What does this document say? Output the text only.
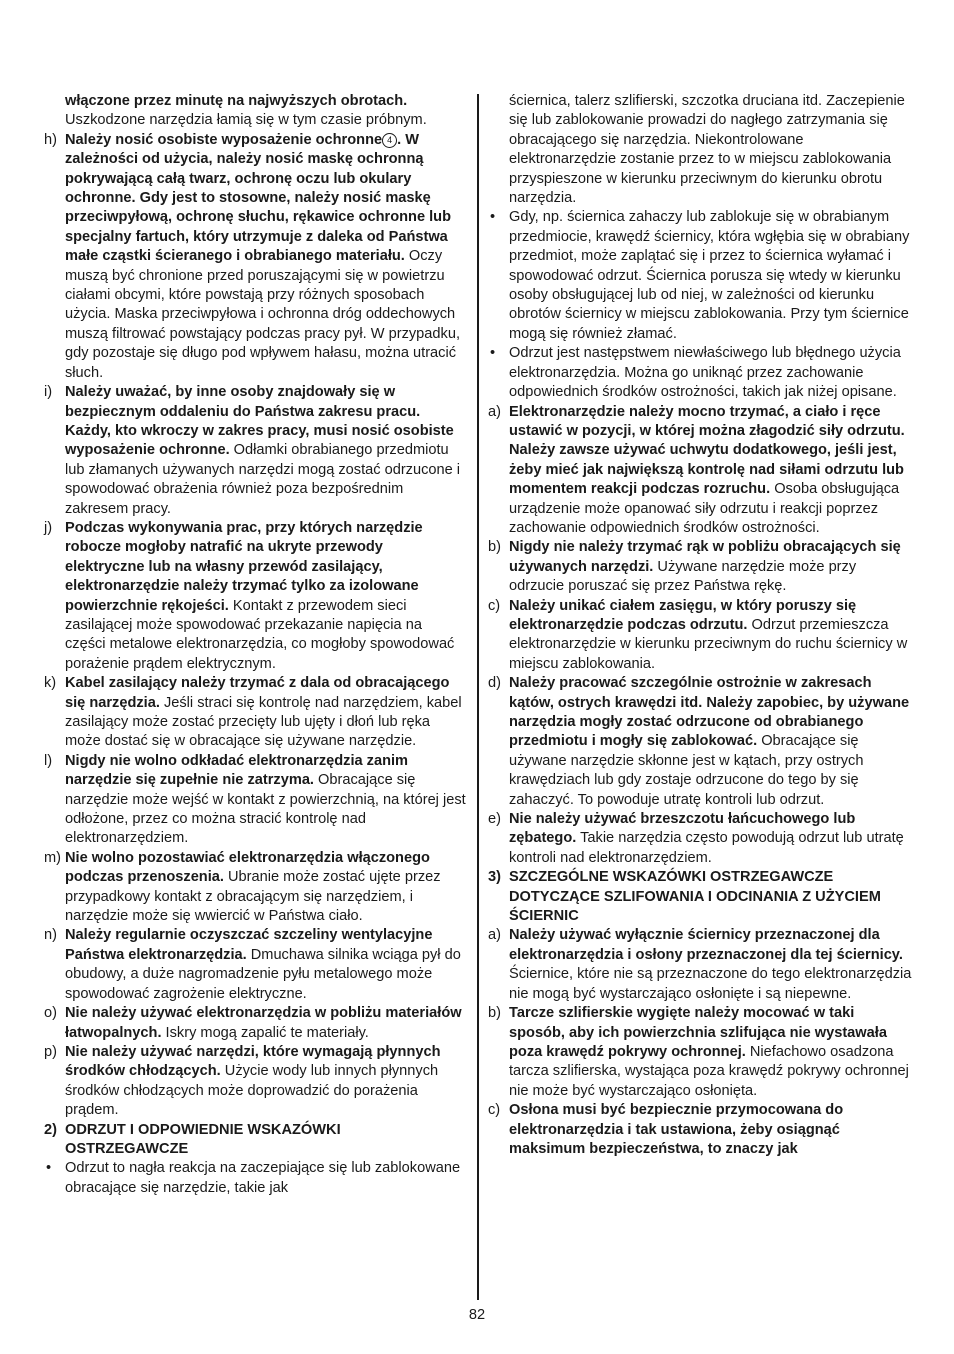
włączone przez minutę na najwyższych obrotach. Uszkodzone narzędzia łamią się w tym czasie próbnym.
h) Należy nosić osobiste wyposażenie ochronne 4 . W zależności od użycia, należy nosić maskę ochronną pokrywającą całą twarz, ochronę oczu lub okulary ochronne. Gdy jest to stosowne, należy nosić maskę przeciwpyłową, ochronę słuchu, rękawice ochronne lub specjalny fartuch, który utrzymuje z daleka od Państwa małe cząstki ścieranego i obrabianego materiału. Oczy muszą być chronione przed poruszającymi się w powietrzu ciałami obcymi, które powstają przy różnych sposobach użycia. Maska przeciwpyłowa i ochronna dróg oddechowych muszą filtrować powstający podczas pracy pył. W przypadku, gdy pozostaje się długo pod wpływem hałasu, można utracić słuch.
i) Należy uważać, by inne osoby znajdowały się w bezpiecznym oddaleniu do Państwa zakresu pracu. Każdy, kto wkroczy w zakres pracy, musi nosić osobiste wyposażenie ochronne. Odłamki obrabianego przedmiotu lub złamanych używanych narzędzi mogą zostać odrzucone i spowodować obrażenia również poza bezpośrednim zakresem pracy.
j) Podczas wykonywania prac, przy których narzędzie robocze mogłoby natrafić na ukryte przewody elektryczne lub na własny przewód zasilający, elektronarzędzie należy trzymać tylko za izolowane powierzchnie rękojeści. Kontakt z przewodem sieci zasilającej może spowodować przekazanie napięcia na części metalowe elektronarzędzia, co mogłoby spowodować porażenie prądem elektrycznym.
k) Kabel zasilający należy trzymać z dala od obracającego się narzędzia. Jeśli straci się kontrolę nad narzędziem, kabel zasilający może zostać przecięty lub ujęty i dłoń lub ręka może dostać się w obracające się używane narzędzie.
l) Nigdy nie wolno odkładać elektronarzędzia zanim narzędzie się zupełnie nie zatrzyma. Obracające się narzędzie może wejść w kontakt z powierzchnią, na której jest odłożone, przez co można stracić kontrolę nad elektronarzędziem.
m) Nie wolno pozostawiać elektronarzędzia włączonego podczas przenoszenia. Ubranie może zostać ujęte przez przypadkowy kontakt z obracającym się narzędziem, i narzędzie może się wwiercić w Państwa ciało.
n) Należy regularnie oczyszczać szczeliny wentylacyjne Państwa elektronarzędzia. Dmuchawa silnika wciąga pył do obudowy, a duże nagromadzenie pyłu metalowego może spowodować zagrożenie elektryczne.
o) Nie należy używać elektronarzędzia w pobliżu materiałów łatwopalnych. Iskry mogą zapalić te materiały.
p) Nie należy używać narzędzi, które wymagają płynnych środków chłodzących. Użycie wody lub innych płynnych środków chłodzących może doprowadzić do porażenia prądem.
2) ODRZUT I ODPOWIEDNIE WSKAZÓWKI OSTRZEGAWCZE
• Odrzut to nagła reakcja na zaczepiające się lub zablokowane obracające się narzędzie, takie jak
ściernica, talerz szlifierski, szczotka druciana itd. Zaczepienie się lub zablokowanie prowadzi do nagłego zatrzymania się obracającego się narzędzia. Niekontrolowane elektronarzędzie zostanie przez to w miejscu zablokowania przyspieszone w kierunku przeciwnym do kierunku obrotu narzędzia.
• Gdy, np. ściernica zahaczy lub zablokuje się w obrabianym przedmiocie, krawędź ściernicy, która wgłębia się w obrabiany przedmiot, może zaplątać się i przez to ściernica wyłamać i spowodować odrzut. Ściernica porusza się wtedy w kierunku osoby obsługującej lub od niej, w zależności od kierunku obrotów ściernicy w miejscu zablokowania. Przy tym ściernice mogą się również złamać.
• Odrzut jest następstwem niewłaściwego lub błędnego użycia elektronarzędzia. Można go uniknąć przez zachowanie odpowiednich środków ostrożności, takich jak niżej opisane.
a) Elektronarzędzie należy mocno trzymać, a ciało i ręce ustawić w pozycji, w której można złagodzić siły odrzutu. Należy zawsze używać uchwytu dodatkowego, jeśli jest, żeby mieć jak największą kontrolę nad siłami odrzutu lub momentem reakcji podczas rozruchu. Osoba obsługująca urządzenie może opanować siły odrzutu i reakcji poprzez zachowanie odpowiednich środków ostrożności.
b) Nigdy nie należy trzymać rąk w pobliżu obracających się używanych narzędzi. Używane narzędzie może przy odrzucie poruszać się przez Państwa rękę.
c) Należy unikać ciałem zasięgu, w który poruszy się elektronarzędzie podczas odrzutu. Odrzut przemieszcza elektronarzędzie w kierunku przeciwnym do ruchu ściernicy w miejscu zablokowania.
d) Należy pracować szczególnie ostrożnie w zakresach kątów, ostrych krawędzi itd. Należy zapobiec, by używane narzędzia mogły zostać odrzucone od obrabianego przedmiotu i mogły się zablokować. Obracające się używane narzędzie skłonne jest w kątach, przy ostrych krawędziach lub gdy zostaje odrzucone do tego by się zahaczyć. To powoduje utratę kontroli lub odrzut.
e) Nie należy używać brzeszczotu łańcuchowego lub zębatego. Takie narzędzia często powodują odrzut lub utratę kontroli nad elektronarzędziem.
3) SZCZEGÓLNE WSKAZÓWKI OSTRZEGAWCZE DOTYCZĄCE SZLIFOWANIA I ODCINANIA Z UŻYCIEM ŚCIERNIC
a) Należy używać wyłącznie ściernicy przeznaczonej dla elektronarzędzia i osłony przeznaczonej dla tej ściernicy. Ściernice, które nie są przeznaczone do tego elektronarzędzia nie mogą być wystarczająco osłonięte i są niepewne.
b) Tarcze szlifierskie wygięte należy mocować w taki sposób, aby ich powierzchnia szlifująca nie wystawała poza krawędź pokrywy ochronnej. Niefachowo osadzona tarcza szlifierska, wystająca poza krawędź pokrywy ochronnej nie może być wystarczająco osłonięta.
c) Osłona musi być bezpiecznie przymocowana do elektronarzędzia i tak ustawiona, żeby osiągnąć maksimum bezpieczeństwa, to znaczy jak
82
